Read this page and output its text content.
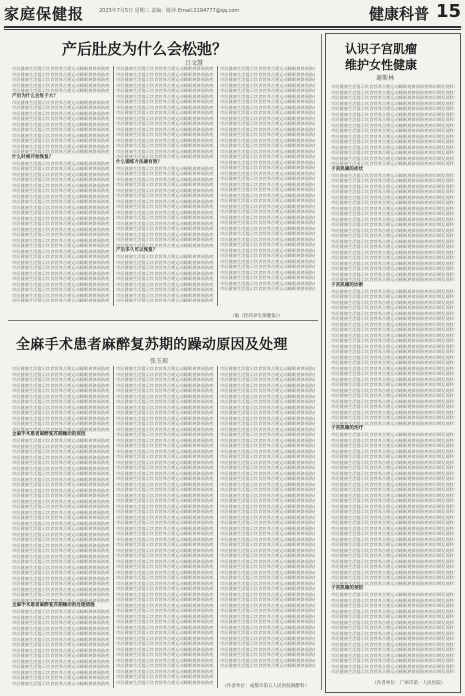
家庭保健报	2023年7月5日 星期三 责编：陈萍 Email:2194777@qq.com	健康科普 15
产后肚皮为什么会松弛？
吕文慧
市民健康生活提示饮食营养合理运动睡眠规律预防疾病早期发现科学治疗保持心理平衡注意身体变化及时就医检查专家建议日常保健方法
市民健康生活提示饮食营养合理运动睡眠规律预防疾病早期发现科学治疗保持心理平衡注意身体变化及时就医检查专家建议日常保健方法
市民健康生活提示饮食营养合理运动睡眠规律预防疾病早期发现科学治疗保持心理平衡注意身体变化及时就医检查专家建议日常保健方法
市民健康生活提示饮食营养合理运动睡眠规律预防疾病早期发现科学治疗保持心理平衡注意身体变化及时就医检查专家建议日常保健方法
市民健康生活提示饮食营养合理运动睡眠规律预防疾病早期发现科学治疗保持心理平衡注意身体变化及时就医检查专家建议日常保健方法
产后为什么会肚子大？
市民健康生活提示饮食营养合理运动睡眠规律预防疾病早期发现科学治疗保持心理平衡注意身体变化及时就医检查专家建议日常保健方法
市民健康生活提示饮食营养合理运动睡眠规律预防疾病早期发现科学治疗保持心理平衡注意身体变化及时就医检查专家建议日常保健方法
市民健康生活提示饮食营养合理运动睡眠规律预防疾病早期发现科学治疗保持心理平衡注意身体变化及时就医检查专家建议日常保健方法
市民健康生活提示饮食营养合理运动睡眠规律预防疾病早期发现科学治疗保持心理平衡注意身体变化及时就医检查专家建议日常保健方法
市民健康生活提示饮食营养合理运动睡眠规律预防疾病早期发现科学治疗保持心理平衡注意身体变化及时就医检查专家建议日常保健方法
市民健康生活提示饮食营养合理运动睡眠规律预防疾病早期发现科学治疗保持心理平衡注意身体变化及时就医检查专家建议日常保健方法
市民健康生活提示饮食营养合理运动睡眠规律预防疾病早期发现科学治疗保持心理平衡注意身体变化及时就医检查专家建议日常保健方法
市民健康生活提示饮食营养合理运动睡眠规律预防疾病早期发现科学治疗保持心理平衡注意身体变化及时就医检查专家建议日常保健方法
市民健康生活提示饮食营养合理运动睡眠规律预防疾病早期发现科学治疗保持心理平衡注意身体变化及时就医检查专家建议日常保健方法
市民健康生活提示饮食营养合理运动睡眠规律预防疾病早期发现科学治疗保持心理平衡注意身体变化及时就医检查专家建议日常保健方法
什么时候开始恢复？
市民健康生活提示饮食营养合理运动睡眠规律预防疾病早期发现科学治疗保持心理平衡注意身体变化及时就医检查专家建议日常保健方法
市民健康生活提示饮食营养合理运动睡眠规律预防疾病早期发现科学治疗保持心理平衡注意身体变化及时就医检查专家建议日常保健方法
市民健康生活提示饮食营养合理运动睡眠规律预防疾病早期发现科学治疗保持心理平衡注意身体变化及时就医检查专家建议日常保健方法
市民健康生活提示饮食营养合理运动睡眠规律预防疾病早期发现科学治疗保持心理平衡注意身体变化及时就医检查专家建议日常保健方法
市民健康生活提示饮食营养合理运动睡眠规律预防疾病早期发现科学治疗保持心理平衡注意身体变化及时就医检查专家建议日常保健方法
市民健康生活提示饮食营养合理运动睡眠规律预防疾病早期发现科学治疗保持心理平衡注意身体变化及时就医检查专家建议日常保健方法
市民健康生活提示饮食营养合理运动睡眠规律预防疾病早期发现科学治疗保持心理平衡注意身体变化及时就医检查专家建议日常保健方法
市民健康生活提示饮食营养合理运动睡眠规律预防疾病早期发现科学治疗保持心理平衡注意身体变化及时就医检查专家建议日常保健方法
市民健康生活提示饮食营养合理运动睡眠规律预防疾病早期发现科学治疗保持心理平衡注意身体变化及时就医检查专家建议日常保健方法
市民健康生活提示饮食营养合理运动睡眠规律预防疾病早期发现科学治疗保持心理平衡注意身体变化及时就医检查专家建议日常保健方法
市民健康生活提示饮食营养合理运动睡眠规律预防疾病早期发现科学治疗保持心理平衡注意身体变化及时就医检查专家建议日常保健方法
市民健康生活提示饮食营养合理运动睡眠规律预防疾病早期发现科学治疗保持心理平衡注意身体变化及时就医检查专家建议日常保健方法
市民健康生活提示饮食营养合理运动睡眠规律预防疾病早期发现科学治疗保持心理平衡注意身体变化及时就医检查专家建议日常保健方法
市民健康生活提示饮食营养合理运动睡眠规律预防疾病早期发现科学治疗保持心理平衡注意身体变化及时就医检查专家建议日常保健方法
市民健康生活提示饮食营养合理运动睡眠规律预防疾病早期发现科学治疗保持心理平衡注意身体变化及时就医检查专家建议日常保健方法
市民健康生活提示饮食营养合理运动睡眠规律预防疾病早期发现科学治疗保持心理平衡注意身体变化及时就医检查专家建议日常保健方法
市民健康生活提示饮食营养合理运动睡眠规律预防疾病早期发现科学治疗保持心理平衡注意身体变化及时就医检查专家建议日常保健方法
市民健康生活提示饮食营养合理运动睡眠规律预防疾病早期发现科学治疗保持心理平衡注意身体变化及时就医检查专家建议日常保健方法
市民健康生活提示饮食营养合理运动睡眠规律预防疾病早期发现科学治疗保持心理平衡注意身体变化及时就医检查专家建议日常保健方法
市民健康生活提示饮食营养合理运动睡眠规律预防疾病早期发现科学治疗保持心理平衡注意身体变化及时就医检查专家建议日常保健方法
市民健康生活提示饮食营养合理运动睡眠规律预防疾病早期发现科学治疗保持心理平衡注意身体变化及时就医检查专家建议日常保健方法
市民健康生活提示饮食营养合理运动睡眠规律预防疾病早期发现科学治疗保持心理平衡注意身体变化及时就医检查专家建议日常保健方法
市民健康生活提示饮食营养合理运动睡眠规律预防疾病早期发现科学治疗保持心理平衡注意身体变化及时就医检查专家建议日常保健方法
市民健康生活提示饮食营养合理运动睡眠规律预防疾病早期发现科学治疗保持心理平衡注意身体变化及时就医检查专家建议日常保健方法
市民健康生活提示饮食营养合理运动睡眠规律预防疾病早期发现科学治疗保持心理平衡注意身体变化及时就医检查专家建议日常保健方法
市民健康生活提示饮食营养合理运动睡眠规律预防疾病早期发现科学治疗保持心理平衡注意身体变化及时就医检查专家建议日常保健方法
市民健康生活提示饮食营养合理运动睡眠规律预防疾病早期发现科学治疗保持心理平衡注意身体变化及时就医检查专家建议日常保健方法
市民健康生活提示饮食营养合理运动睡眠规律预防疾病早期发现科学治疗保持心理平衡注意身体变化及时就医检查专家建议日常保健方法
市民健康生活提示饮食营养合理运动睡眠规律预防疾病早期发现科学治疗保持心理平衡注意身体变化及时就医检查专家建议日常保健方法
市民健康生活提示饮食营养合理运动睡眠规律预防疾病早期发现科学治疗保持心理平衡注意身体变化及时就医检查专家建议日常保健方法
市民健康生活提示饮食营养合理运动睡眠规律预防疾病早期发现科学治疗保持心理平衡注意身体变化及时就医检查专家建议日常保健方法
市民健康生活提示饮食营养合理运动睡眠规律预防疾病早期发现科学治疗保持心理平衡注意身体变化及时就医检查专家建议日常保健方法
市民健康生活提示饮食营养合理运动睡眠规律预防疾病早期发现科学治疗保持心理平衡注意身体变化及时就医检查专家建议日常保健方法
市民健康生活提示饮食营养合理运动睡眠规律预防疾病早期发现科学治疗保持心理平衡注意身体变化及时就医检查专家建议日常保健方法
市民健康生活提示饮食营养合理运动睡眠规律预防疾病早期发现科学治疗保持心理平衡注意身体变化及时就医检查专家建议日常保健方法
市民健康生活提示饮食营养合理运动睡眠规律预防疾病早期发现科学治疗保持心理平衡注意身体变化及时就医检查专家建议日常保健方法
市民健康生活提示饮食营养合理运动睡眠规律预防疾病早期发现科学治疗保持心理平衡注意身体变化及时就医检查专家建议日常保健方法
市民健康生活提示饮食营养合理运动睡眠规律预防疾病早期发现科学治疗保持心理平衡注意身体变化及时就医检查专家建议日常保健方法
市民健康生活提示饮食营养合理运动睡眠规律预防疾病早期发现科学治疗保持心理平衡注意身体变化及时就医检查专家建议日常保健方法
市民健康生活提示饮食营养合理运动睡眠规律预防疾病早期发现科学治疗保持心理平衡注意身体变化及时就医检查专家建议日常保健方法
市民健康生活提示饮食营养合理运动睡眠规律预防疾病早期发现科学治疗保持心理平衡注意身体变化及时就医检查专家建议日常保健方法
市民健康生活提示饮食营养合理运动睡眠规律预防疾病早期发现科学治疗保持心理平衡注意身体变化及时就医检查专家建议日常保健方法
市民健康生活提示饮食营养合理运动睡眠规律预防疾病早期发现科学治疗保持心理平衡注意身体变化及时就医检查专家建议日常保健方法
什么锻炼方法最有效？
市民健康生活提示饮食营养合理运动睡眠规律预防疾病早期发现科学治疗保持心理平衡注意身体变化及时就医检查专家建议日常保健方法
市民健康生活提示饮食营养合理运动睡眠规律预防疾病早期发现科学治疗保持心理平衡注意身体变化及时就医检查专家建议日常保健方法
市民健康生活提示饮食营养合理运动睡眠规律预防疾病早期发现科学治疗保持心理平衡注意身体变化及时就医检查专家建议日常保健方法
市民健康生活提示饮食营养合理运动睡眠规律预防疾病早期发现科学治疗保持心理平衡注意身体变化及时就医检查专家建议日常保健方法
市民健康生活提示饮食营养合理运动睡眠规律预防疾病早期发现科学治疗保持心理平衡注意身体变化及时就医检查专家建议日常保健方法
市民健康生活提示饮食营养合理运动睡眠规律预防疾病早期发现科学治疗保持心理平衡注意身体变化及时就医检查专家建议日常保健方法
市民健康生活提示饮食营养合理运动睡眠规律预防疾病早期发现科学治疗保持心理平衡注意身体变化及时就医检查专家建议日常保健方法
市民健康生活提示饮食营养合理运动睡眠规律预防疾病早期发现科学治疗保持心理平衡注意身体变化及时就医检查专家建议日常保健方法
市民健康生活提示饮食营养合理运动睡眠规律预防疾病早期发现科学治疗保持心理平衡注意身体变化及时就医检查专家建议日常保健方法
市民健康生活提示饮食营养合理运动睡眠规律预防疾病早期发现科学治疗保持心理平衡注意身体变化及时就医检查专家建议日常保健方法
市民健康生活提示饮食营养合理运动睡眠规律预防疾病早期发现科学治疗保持心理平衡注意身体变化及时就医检查专家建议日常保健方法
市民健康生活提示饮食营养合理运动睡眠规律预防疾病早期发现科学治疗保持心理平衡注意身体变化及时就医检查专家建议日常保健方法
市民健康生活提示饮食营养合理运动睡眠规律预防疾病早期发现科学治疗保持心理平衡注意身体变化及时就医检查专家建议日常保健方法
市民健康生活提示饮食营养合理运动睡眠规律预防疾病早期发现科学治疗保持心理平衡注意身体变化及时就医检查专家建议日常保健方法
市民健康生活提示饮食营养合理运动睡眠规律预防疾病早期发现科学治疗保持心理平衡注意身体变化及时就医检查专家建议日常保健方法
产后多久可以恢复？
市民健康生活提示饮食营养合理运动睡眠规律预防疾病早期发现科学治疗保持心理平衡注意身体变化及时就医检查专家建议日常保健方法
市民健康生活提示饮食营养合理运动睡眠规律预防疾病早期发现科学治疗保持心理平衡注意身体变化及时就医检查专家建议日常保健方法
市民健康生活提示饮食营养合理运动睡眠规律预防疾病早期发现科学治疗保持心理平衡注意身体变化及时就医检查专家建议日常保健方法
市民健康生活提示饮食营养合理运动睡眠规律预防疾病早期发现科学治疗保持心理平衡注意身体变化及时就医检查专家建议日常保健方法
市民健康生活提示饮食营养合理运动睡眠规律预防疾病早期发现科学治疗保持心理平衡注意身体变化及时就医检查专家建议日常保健方法
市民健康生活提示饮食营养合理运动睡眠规律预防疾病早期发现科学治疗保持心理平衡注意身体变化及时就医检查专家建议日常保健方法
市民健康生活提示饮食营养合理运动睡眠规律预防疾病早期发现科学治疗保持心理平衡注意身体变化及时就医检查专家建议日常保健方法
市民健康生活提示饮食营养合理运动睡眠规律预防疾病早期发现科学治疗保持心理平衡注意身体变化及时就医检查专家建议日常保健方法
市民健康生活提示饮食营养合理运动睡眠规律预防疾病早期发现科学治疗保持心理平衡注意身体变化及时就医检查专家建议日常保健方法
市民健康生活提示饮食营养合理运动睡眠规律预防疾病早期发现科学治疗保持心理平衡注意身体变化及时就医检查专家建议日常保健方法
市民健康生活提示饮食营养合理运动睡眠规律预防疾病早期发现科学治疗保持心理平衡注意身体变化及时就医检查专家建议日常保健方法
市民健康生活提示饮食营养合理运动睡眠规律预防疾病早期发现科学治疗保持心理平衡注意身体变化及时就医检查专家建议日常保健方法
市民健康生活提示饮食营养合理运动睡眠规律预防疾病早期发现科学治疗保持心理平衡注意身体变化及时就医检查专家建议日常保健方法
市民健康生活提示饮食营养合理运动睡眠规律预防疾病早期发现科学治疗保持心理平衡注意身体变化及时就医检查专家建议日常保健方法
市民健康生活提示饮食营养合理运动睡眠规律预防疾病早期发现科学治疗保持心理平衡注意身体变化及时就医检查专家建议日常保健方法
市民健康生活提示饮食营养合理运动睡眠规律预防疾病早期发现科学治疗保持心理平衡注意身体变化及时就医检查专家建议日常保健方法
市民健康生活提示饮食营养合理运动睡眠规律预防疾病早期发现科学治疗保持心理平衡注意身体变化及时就医检查专家建议日常保健方法
市民健康生活提示饮食营养合理运动睡眠规律预防疾病早期发现科学治疗保持心理平衡注意身体变化及时就医检查专家建议日常保健方法
市民健康生活提示饮食营养合理运动睡眠规律预防疾病早期发现科学治疗保持心理平衡注意身体变化及时就医检查专家建议日常保健方法
市民健康生活提示饮食营养合理运动睡眠规律预防疾病早期发现科学治疗保持心理平衡注意身体变化及时就医检查专家建议日常保健方法
市民健康生活提示饮食营养合理运动睡眠规律预防疾病早期发现科学治疗保持心理平衡注意身体变化及时就医检查专家建议日常保健方法
市民健康生活提示饮食营养合理运动睡眠规律预防疾病早期发现科学治疗保持心理平衡注意身体变化及时就医检查专家建议日常保健方法
市民健康生活提示饮食营养合理运动睡眠规律预防疾病早期发现科学治疗保持心理平衡注意身体变化及时就医检查专家建议日常保健方法
市民健康生活提示饮食营养合理运动睡眠规律预防疾病早期发现科学治疗保持心理平衡注意身体变化及时就医检查专家建议日常保健方法
市民健康生活提示饮食营养合理运动睡眠规律预防疾病早期发现科学治疗保持心理平衡注意身体变化及时就医检查专家建议日常保健方法
市民健康生活提示饮食营养合理运动睡眠规律预防疾病早期发现科学治疗保持心理平衡注意身体变化及时就医检查专家建议日常保健方法
市民健康生活提示饮食营养合理运动睡眠规律预防疾病早期发现科学治疗保持心理平衡注意身体变化及时就医检查专家建议日常保健方法
市民健康生活提示饮食营养合理运动睡眠规律预防疾病早期发现科学治疗保持心理平衡注意身体变化及时就医检查专家建议日常保健方法
市民健康生活提示饮食营养合理运动睡眠规律预防疾病早期发现科学治疗保持心理平衡注意身体变化及时就医检查专家建议日常保健方法
市民健康生活提示饮食营养合理运动睡眠规律预防疾病早期发现科学治疗保持心理平衡注意身体变化及时就医检查专家建议日常保健方法
市民健康生活提示饮食营养合理运动睡眠规律预防疾病早期发现科学治疗保持心理平衡注意身体变化及时就医检查专家建议日常保健方法
市民健康生活提示饮食营养合理运动睡眠规律预防疾病早期发现科学治疗保持心理平衡注意身体变化及时就医检查专家建议日常保健方法
市民健康生活提示饮食营养合理运动睡眠规律预防疾病早期发现科学治疗保持心理平衡注意身体变化及时就医检查专家建议日常保健方法
市民健康生活提示饮食营养合理运动睡眠规律预防疾病早期发现科学治疗保持心理平衡注意身体变化及时就医检查专家建议日常保健方法
市民健康生活提示饮食营养合理运动睡眠规律预防疾病早期发现科学治疗保持心理平衡注意身体变化及时就医检查专家建议日常保健方法
市民健康生活提示饮食营养合理运动睡眠规律预防疾病早期发现科学治疗保持心理平衡注意身体变化及时就医检查专家建议日常保健方法
市民健康生活提示饮食营养合理运动睡眠规律预防疾病早期发现科学治疗保持心理平衡注意身体变化及时就医检查专家建议日常保健方法
市民健康生活提示饮食营养合理运动睡眠规律预防疾病早期发现科学治疗保持心理平衡注意身体变化及时就医检查专家建议日常保健方法
市民健康生活提示饮食营养合理运动睡眠规律预防疾病早期发现科学治疗保持心理平衡注意身体变化及时就医检查专家建议日常保健方法
市民健康生活提示饮食营养合理运动睡眠规律预防疾病早期发现科学治疗保持心理平衡注意身体变化及时就医检查专家建议日常保健方法
市民健康生活提示饮食营养合理运动睡眠规律预防疾病早期发现科学治疗保持心理平衡注意身体变化及时就医检查专家建议日常保健方法
市民健康生活提示饮食营养合理运动睡眠规律预防疾病早期发现科学治疗保持心理平衡注意身体变化及时就医检查专家建议日常保健方法
市民健康生活提示饮食营养合理运动睡眠规律预防疾病早期发现科学治疗保持心理平衡注意身体变化及时就医检查专家建议日常保健方法
市民健康生活提示饮食营养合理运动睡眠规律预防疾病早期发现科学治疗保持心理平衡注意身体变化及时就医检查专家建议日常保健方法
市民健康生活提示饮食营养合理运动睡眠规律预防疾病早期发现科学治疗保持心理平衡注意身体变化及时就医检查专家建议日常保健方法
市民健康生活提示饮食营养合理运动睡眠规律预防疾病早期发现科学治疗保持心理平衡注意身体变化及时就医检查专家建议日常保健方法
市民健康生活提示饮食营养合理运动睡眠规律预防疾病早期发现科学治疗保持心理平衡注意身体变化及时就医检查专家建议日常保健方法
市民健康生活提示饮食营养合理运动睡眠规律预防疾病早期发现科学治疗保持心理平衡注意身体变化及时就医检查专家建议日常保健方法
市民健康生活提示饮食营养合理运动睡眠规律预防疾病早期发现科学治疗保持心理平衡注意身体变化及时就医检查专家建议日常保健方法
市民健康生活提示饮食营养合理运动睡眠规律预防疾病早期发现科学治疗保持心理平衡注意身体变化及时就医检查专家建议日常保健方法
（据《医药养生保健报》）
认识子宫肌瘤
维护女性健康
谢斯林
市民健康生活提示饮食营养合理运动睡眠规律预防疾病早期发现科学治疗保持心理平衡注意身体变化及时就医检查专家建议日常保健方法
市民健康生活提示饮食营养合理运动睡眠规律预防疾病早期发现科学治疗保持心理平衡注意身体变化及时就医检查专家建议日常保健方法
市民健康生活提示饮食营养合理运动睡眠规律预防疾病早期发现科学治疗保持心理平衡注意身体变化及时就医检查专家建议日常保健方法
市民健康生活提示饮食营养合理运动睡眠规律预防疾病早期发现科学治疗保持心理平衡注意身体变化及时就医检查专家建议日常保健方法
市民健康生活提示饮食营养合理运动睡眠规律预防疾病早期发现科学治疗保持心理平衡注意身体变化及时就医检查专家建议日常保健方法
市民健康生活提示饮食营养合理运动睡眠规律预防疾病早期发现科学治疗保持心理平衡注意身体变化及时就医检查专家建议日常保健方法
市民健康生活提示饮食营养合理运动睡眠规律预防疾病早期发现科学治疗保持心理平衡注意身体变化及时就医检查专家建议日常保健方法
市民健康生活提示饮食营养合理运动睡眠规律预防疾病早期发现科学治疗保持心理平衡注意身体变化及时就医检查专家建议日常保健方法
市民健康生活提示饮食营养合理运动睡眠规律预防疾病早期发现科学治疗保持心理平衡注意身体变化及时就医检查专家建议日常保健方法
市民健康生活提示饮食营养合理运动睡眠规律预防疾病早期发现科学治疗保持心理平衡注意身体变化及时就医检查专家建议日常保健方法
市民健康生活提示饮食营养合理运动睡眠规律预防疾病早期发现科学治疗保持心理平衡注意身体变化及时就医检查专家建议日常保健方法
市民健康生活提示饮食营养合理运动睡眠规律预防疾病早期发现科学治疗保持心理平衡注意身体变化及时就医检查专家建议日常保健方法
市民健康生活提示饮食营养合理运动睡眠规律预防疾病早期发现科学治疗保持心理平衡注意身体变化及时就医检查专家建议日常保健方法
市民健康生活提示饮食营养合理运动睡眠规律预防疾病早期发现科学治疗保持心理平衡注意身体变化及时就医检查专家建议日常保健方法
市民健康生活提示饮食营养合理运动睡眠规律预防疾病早期发现科学治疗保持心理平衡注意身体变化及时就医检查专家建议日常保健方法
子宫肌瘤的症状
市民健康生活提示饮食营养合理运动睡眠规律预防疾病早期发现科学治疗保持心理平衡注意身体变化及时就医检查专家建议日常保健方法
市民健康生活提示饮食营养合理运动睡眠规律预防疾病早期发现科学治疗保持心理平衡注意身体变化及时就医检查专家建议日常保健方法
市民健康生活提示饮食营养合理运动睡眠规律预防疾病早期发现科学治疗保持心理平衡注意身体变化及时就医检查专家建议日常保健方法
市民健康生活提示饮食营养合理运动睡眠规律预防疾病早期发现科学治疗保持心理平衡注意身体变化及时就医检查专家建议日常保健方法
市民健康生活提示饮食营养合理运动睡眠规律预防疾病早期发现科学治疗保持心理平衡注意身体变化及时就医检查专家建议日常保健方法
市民健康生活提示饮食营养合理运动睡眠规律预防疾病早期发现科学治疗保持心理平衡注意身体变化及时就医检查专家建议日常保健方法
市民健康生活提示饮食营养合理运动睡眠规律预防疾病早期发现科学治疗保持心理平衡注意身体变化及时就医检查专家建议日常保健方法
市民健康生活提示饮食营养合理运动睡眠规律预防疾病早期发现科学治疗保持心理平衡注意身体变化及时就医检查专家建议日常保健方法
市民健康生活提示饮食营养合理运动睡眠规律预防疾病早期发现科学治疗保持心理平衡注意身体变化及时就医检查专家建议日常保健方法
市民健康生活提示饮食营养合理运动睡眠规律预防疾病早期发现科学治疗保持心理平衡注意身体变化及时就医检查专家建议日常保健方法
市民健康生活提示饮食营养合理运动睡眠规律预防疾病早期发现科学治疗保持心理平衡注意身体变化及时就医检查专家建议日常保健方法
市民健康生活提示饮食营养合理运动睡眠规律预防疾病早期发现科学治疗保持心理平衡注意身体变化及时就医检查专家建议日常保健方法
市民健康生活提示饮食营养合理运动睡眠规律预防疾病早期发现科学治疗保持心理平衡注意身体变化及时就医检查专家建议日常保健方法
市民健康生活提示饮食营养合理运动睡眠规律预防疾病早期发现科学治疗保持心理平衡注意身体变化及时就医检查专家建议日常保健方法
市民健康生活提示饮食营养合理运动睡眠规律预防疾病早期发现科学治疗保持心理平衡注意身体变化及时就医检查专家建议日常保健方法
市民健康生活提示饮食营养合理运动睡眠规律预防疾病早期发现科学治疗保持心理平衡注意身体变化及时就医检查专家建议日常保健方法
市民健康生活提示饮食营养合理运动睡眠规律预防疾病早期发现科学治疗保持心理平衡注意身体变化及时就医检查专家建议日常保健方法
市民健康生活提示饮食营养合理运动睡眠规律预防疾病早期发现科学治疗保持心理平衡注意身体变化及时就医检查专家建议日常保健方法
市民健康生活提示饮食营养合理运动睡眠规律预防疾病早期发现科学治疗保持心理平衡注意身体变化及时就医检查专家建议日常保健方法
市民健康生活提示饮食营养合理运动睡眠规律预防疾病早期发现科学治疗保持心理平衡注意身体变化及时就医检查专家建议日常保健方法
子宫肌瘤的诊断
市民健康生活提示饮食营养合理运动睡眠规律预防疾病早期发现科学治疗保持心理平衡注意身体变化及时就医检查专家建议日常保健方法
市民健康生活提示饮食营养合理运动睡眠规律预防疾病早期发现科学治疗保持心理平衡注意身体变化及时就医检查专家建议日常保健方法
市民健康生活提示饮食营养合理运动睡眠规律预防疾病早期发现科学治疗保持心理平衡注意身体变化及时就医检查专家建议日常保健方法
市民健康生活提示饮食营养合理运动睡眠规律预防疾病早期发现科学治疗保持心理平衡注意身体变化及时就医检查专家建议日常保健方法
市民健康生活提示饮食营养合理运动睡眠规律预防疾病早期发现科学治疗保持心理平衡注意身体变化及时就医检查专家建议日常保健方法
市民健康生活提示饮食营养合理运动睡眠规律预防疾病早期发现科学治疗保持心理平衡注意身体变化及时就医检查专家建议日常保健方法
市民健康生活提示饮食营养合理运动睡眠规律预防疾病早期发现科学治疗保持心理平衡注意身体变化及时就医检查专家建议日常保健方法
市民健康生活提示饮食营养合理运动睡眠规律预防疾病早期发现科学治疗保持心理平衡注意身体变化及时就医检查专家建议日常保健方法
市民健康生活提示饮食营养合理运动睡眠规律预防疾病早期发现科学治疗保持心理平衡注意身体变化及时就医检查专家建议日常保健方法
市民健康生活提示饮食营养合理运动睡眠规律预防疾病早期发现科学治疗保持心理平衡注意身体变化及时就医检查专家建议日常保健方法
市民健康生活提示饮食营养合理运动睡眠规律预防疾病早期发现科学治疗保持心理平衡注意身体变化及时就医检查专家建议日常保健方法
市民健康生活提示饮食营养合理运动睡眠规律预防疾病早期发现科学治疗保持心理平衡注意身体变化及时就医检查专家建议日常保健方法
市民健康生活提示饮食营养合理运动睡眠规律预防疾病早期发现科学治疗保持心理平衡注意身体变化及时就医检查专家建议日常保健方法
市民健康生活提示饮食营养合理运动睡眠规律预防疾病早期发现科学治疗保持心理平衡注意身体变化及时就医检查专家建议日常保健方法
市民健康生活提示饮食营养合理运动睡眠规律预防疾病早期发现科学治疗保持心理平衡注意身体变化及时就医检查专家建议日常保健方法
市民健康生活提示饮食营养合理运动睡眠规律预防疾病早期发现科学治疗保持心理平衡注意身体变化及时就医检查专家建议日常保健方法
市民健康生活提示饮食营养合理运动睡眠规律预防疾病早期发现科学治疗保持心理平衡注意身体变化及时就医检查专家建议日常保健方法
市民健康生活提示饮食营养合理运动睡眠规律预防疾病早期发现科学治疗保持心理平衡注意身体变化及时就医检查专家建议日常保健方法
市民健康生活提示饮食营养合理运动睡眠规律预防疾病早期发现科学治疗保持心理平衡注意身体变化及时就医检查专家建议日常保健方法
市民健康生活提示饮食营养合理运动睡眠规律预防疾病早期发现科学治疗保持心理平衡注意身体变化及时就医检查专家建议日常保健方法
市民健康生活提示饮食营养合理运动睡眠规律预防疾病早期发现科学治疗保持心理平衡注意身体变化及时就医检查专家建议日常保健方法
市民健康生活提示饮食营养合理运动睡眠规律预防疾病早期发现科学治疗保持心理平衡注意身体变化及时就医检查专家建议日常保健方法
市民健康生活提示饮食营养合理运动睡眠规律预防疾病早期发现科学治疗保持心理平衡注意身体变化及时就医检查专家建议日常保健方法
市民健康生活提示饮食营养合理运动睡眠规律预防疾病早期发现科学治疗保持心理平衡注意身体变化及时就医检查专家建议日常保健方法
市民健康生活提示饮食营养合理运动睡眠规律预防疾病早期发现科学治疗保持心理平衡注意身体变化及时就医检查专家建议日常保健方法
子宫肌瘤的治疗
市民健康生活提示饮食营养合理运动睡眠规律预防疾病早期发现科学治疗保持心理平衡注意身体变化及时就医检查专家建议日常保健方法
市民健康生活提示饮食营养合理运动睡眠规律预防疾病早期发现科学治疗保持心理平衡注意身体变化及时就医检查专家建议日常保健方法
市民健康生活提示饮食营养合理运动睡眠规律预防疾病早期发现科学治疗保持心理平衡注意身体变化及时就医检查专家建议日常保健方法
市民健康生活提示饮食营养合理运动睡眠规律预防疾病早期发现科学治疗保持心理平衡注意身体变化及时就医检查专家建议日常保健方法
市民健康生活提示饮食营养合理运动睡眠规律预防疾病早期发现科学治疗保持心理平衡注意身体变化及时就医检查专家建议日常保健方法
市民健康生活提示饮食营养合理运动睡眠规律预防疾病早期发现科学治疗保持心理平衡注意身体变化及时就医检查专家建议日常保健方法
市民健康生活提示饮食营养合理运动睡眠规律预防疾病早期发现科学治疗保持心理平衡注意身体变化及时就医检查专家建议日常保健方法
市民健康生活提示饮食营养合理运动睡眠规律预防疾病早期发现科学治疗保持心理平衡注意身体变化及时就医检查专家建议日常保健方法
市民健康生活提示饮食营养合理运动睡眠规律预防疾病早期发现科学治疗保持心理平衡注意身体变化及时就医检查专家建议日常保健方法
市民健康生活提示饮食营养合理运动睡眠规律预防疾病早期发现科学治疗保持心理平衡注意身体变化及时就医检查专家建议日常保健方法
市民健康生活提示饮食营养合理运动睡眠规律预防疾病早期发现科学治疗保持心理平衡注意身体变化及时就医检查专家建议日常保健方法
市民健康生活提示饮食营养合理运动睡眠规律预防疾病早期发现科学治疗保持心理平衡注意身体变化及时就医检查专家建议日常保健方法
市民健康生活提示饮食营养合理运动睡眠规律预防疾病早期发现科学治疗保持心理平衡注意身体变化及时就医检查专家建议日常保健方法
市民健康生活提示饮食营养合理运动睡眠规律预防疾病早期发现科学治疗保持心理平衡注意身体变化及时就医检查专家建议日常保健方法
市民健康生活提示饮食营养合理运动睡眠规律预防疾病早期发现科学治疗保持心理平衡注意身体变化及时就医检查专家建议日常保健方法
市民健康生活提示饮食营养合理运动睡眠规律预防疾病早期发现科学治疗保持心理平衡注意身体变化及时就医检查专家建议日常保健方法
市民健康生活提示饮食营养合理运动睡眠规律预防疾病早期发现科学治疗保持心理平衡注意身体变化及时就医检查专家建议日常保健方法
市民健康生活提示饮食营养合理运动睡眠规律预防疾病早期发现科学治疗保持心理平衡注意身体变化及时就医检查专家建议日常保健方法
市民健康生活提示饮食营养合理运动睡眠规律预防疾病早期发现科学治疗保持心理平衡注意身体变化及时就医检查专家建议日常保健方法
市民健康生活提示饮食营养合理运动睡眠规律预防疾病早期发现科学治疗保持心理平衡注意身体变化及时就医检查专家建议日常保健方法
市民健康生活提示饮食营养合理运动睡眠规律预防疾病早期发现科学治疗保持心理平衡注意身体变化及时就医检查专家建议日常保健方法
市民健康生活提示饮食营养合理运动睡眠规律预防疾病早期发现科学治疗保持心理平衡注意身体变化及时就医检查专家建议日常保健方法
市民健康生活提示饮食营养合理运动睡眠规律预防疾病早期发现科学治疗保持心理平衡注意身体变化及时就医检查专家建议日常保健方法
市民健康生活提示饮食营养合理运动睡眠规律预防疾病早期发现科学治疗保持心理平衡注意身体变化及时就医检查专家建议日常保健方法
市民健康生活提示饮食营养合理运动睡眠规律预防疾病早期发现科学治疗保持心理平衡注意身体变化及时就医检查专家建议日常保健方法
市民健康生活提示饮食营养合理运动睡眠规律预防疾病早期发现科学治疗保持心理平衡注意身体变化及时就医检查专家建议日常保健方法
市民健康生活提示饮食营养合理运动睡眠规律预防疾病早期发现科学治疗保持心理平衡注意身体变化及时就医检查专家建议日常保健方法
市民健康生活提示饮食营养合理运动睡眠规律预防疾病早期发现科学治疗保持心理平衡注意身体变化及时就医检查专家建议日常保健方法
子宫肌瘤的预防
市民健康生活提示饮食营养合理运动睡眠规律预防疾病早期发现科学治疗保持心理平衡注意身体变化及时就医检查专家建议日常保健方法
市民健康生活提示饮食营养合理运动睡眠规律预防疾病早期发现科学治疗保持心理平衡注意身体变化及时就医检查专家建议日常保健方法
市民健康生活提示饮食营养合理运动睡眠规律预防疾病早期发现科学治疗保持心理平衡注意身体变化及时就医检查专家建议日常保健方法
市民健康生活提示饮食营养合理运动睡眠规律预防疾病早期发现科学治疗保持心理平衡注意身体变化及时就医检查专家建议日常保健方法
市民健康生活提示饮食营养合理运动睡眠规律预防疾病早期发现科学治疗保持心理平衡注意身体变化及时就医检查专家建议日常保健方法
市民健康生活提示饮食营养合理运动睡眠规律预防疾病早期发现科学治疗保持心理平衡注意身体变化及时就医检查专家建议日常保健方法
市民健康生活提示饮食营养合理运动睡眠规律预防疾病早期发现科学治疗保持心理平衡注意身体变化及时就医检查专家建议日常保健方法
市民健康生活提示饮食营养合理运动睡眠规律预防疾病早期发现科学治疗保持心理平衡注意身体变化及时就医检查专家建议日常保健方法
市民健康生活提示饮食营养合理运动睡眠规律预防疾病早期发现科学治疗保持心理平衡注意身体变化及时就医检查专家建议日常保健方法
市民健康生活提示饮食营养合理运动睡眠规律预防疾病早期发现科学治疗保持心理平衡注意身体变化及时就医检查专家建议日常保健方法
市民健康生活提示饮食营养合理运动睡眠规律预防疾病早期发现科学治疗保持心理平衡注意身体变化及时就医检查专家建议日常保健方法
市民健康生活提示饮食营养合理运动睡眠规律预防疾病早期发现科学治疗保持心理平衡注意身体变化及时就医检查专家建议日常保健方法
市民健康生活提示饮食营养合理运动睡眠规律预防疾病早期发现科学治疗保持心理平衡注意身体变化及时就医检查专家建议日常保健方法
市民健康生活提示饮食营养合理运动睡眠规律预防疾病早期发现科学治疗保持心理平衡注意身体变化及时就医检查专家建议日常保健方法
市民健康生活提示饮食营养合理运动睡眠规律预防疾病早期发现科学治疗保持心理平衡注意身体变化及时就医检查专家建议日常保健方法
（作者单位：广州市第一人民医院）
全麻手术患者麻醉复苏期的躁动原因及处理
张玉琼
市民健康生活提示饮食营养合理运动睡眠规律预防疾病早期发现科学治疗保持心理平衡注意身体变化及时就医检查专家建议日常保健方法
市民健康生活提示饮食营养合理运动睡眠规律预防疾病早期发现科学治疗保持心理平衡注意身体变化及时就医检查专家建议日常保健方法
市民健康生活提示饮食营养合理运动睡眠规律预防疾病早期发现科学治疗保持心理平衡注意身体变化及时就医检查专家建议日常保健方法
市民健康生活提示饮食营养合理运动睡眠规律预防疾病早期发现科学治疗保持心理平衡注意身体变化及时就医检查专家建议日常保健方法
市民健康生活提示饮食营养合理运动睡眠规律预防疾病早期发现科学治疗保持心理平衡注意身体变化及时就医检查专家建议日常保健方法
市民健康生活提示饮食营养合理运动睡眠规律预防疾病早期发现科学治疗保持心理平衡注意身体变化及时就医检查专家建议日常保健方法
市民健康生活提示饮食营养合理运动睡眠规律预防疾病早期发现科学治疗保持心理平衡注意身体变化及时就医检查专家建议日常保健方法
市民健康生活提示饮食营养合理运动睡眠规律预防疾病早期发现科学治疗保持心理平衡注意身体变化及时就医检查专家建议日常保健方法
市民健康生活提示饮食营养合理运动睡眠规律预防疾病早期发现科学治疗保持心理平衡注意身体变化及时就医检查专家建议日常保健方法
市民健康生活提示饮食营养合理运动睡眠规律预防疾病早期发现科学治疗保持心理平衡注意身体变化及时就医检查专家建议日常保健方法
市民健康生活提示饮食营养合理运动睡眠规律预防疾病早期发现科学治疗保持心理平衡注意身体变化及时就医检查专家建议日常保健方法
市民健康生活提示饮食营养合理运动睡眠规律预防疾病早期发现科学治疗保持心理平衡注意身体变化及时就医检查专家建议日常保健方法
全麻手术患者麻醉复苏期躁动的原因
市民健康生活提示饮食营养合理运动睡眠规律预防疾病早期发现科学治疗保持心理平衡注意身体变化及时就医检查专家建议日常保健方法
市民健康生活提示饮食营养合理运动睡眠规律预防疾病早期发现科学治疗保持心理平衡注意身体变化及时就医检查专家建议日常保健方法
市民健康生活提示饮食营养合理运动睡眠规律预防疾病早期发现科学治疗保持心理平衡注意身体变化及时就医检查专家建议日常保健方法
市民健康生活提示饮食营养合理运动睡眠规律预防疾病早期发现科学治疗保持心理平衡注意身体变化及时就医检查专家建议日常保健方法
市民健康生活提示饮食营养合理运动睡眠规律预防疾病早期发现科学治疗保持心理平衡注意身体变化及时就医检查专家建议日常保健方法
市民健康生活提示饮食营养合理运动睡眠规律预防疾病早期发现科学治疗保持心理平衡注意身体变化及时就医检查专家建议日常保健方法
市民健康生活提示饮食营养合理运动睡眠规律预防疾病早期发现科学治疗保持心理平衡注意身体变化及时就医检查专家建议日常保健方法
市民健康生活提示饮食营养合理运动睡眠规律预防疾病早期发现科学治疗保持心理平衡注意身体变化及时就医检查专家建议日常保健方法
市民健康生活提示饮食营养合理运动睡眠规律预防疾病早期发现科学治疗保持心理平衡注意身体变化及时就医检查专家建议日常保健方法
市民健康生活提示饮食营养合理运动睡眠规律预防疾病早期发现科学治疗保持心理平衡注意身体变化及时就医检查专家建议日常保健方法
市民健康生活提示饮食营养合理运动睡眠规律预防疾病早期发现科学治疗保持心理平衡注意身体变化及时就医检查专家建议日常保健方法
市民健康生活提示饮食营养合理运动睡眠规律预防疾病早期发现科学治疗保持心理平衡注意身体变化及时就医检查专家建议日常保健方法
市民健康生活提示饮食营养合理运动睡眠规律预防疾病早期发现科学治疗保持心理平衡注意身体变化及时就医检查专家建议日常保健方法
市民健康生活提示饮食营养合理运动睡眠规律预防疾病早期发现科学治疗保持心理平衡注意身体变化及时就医检查专家建议日常保健方法
市民健康生活提示饮食营养合理运动睡眠规律预防疾病早期发现科学治疗保持心理平衡注意身体变化及时就医检查专家建议日常保健方法
市民健康生活提示饮食营养合理运动睡眠规律预防疾病早期发现科学治疗保持心理平衡注意身体变化及时就医检查专家建议日常保健方法
市民健康生活提示饮食营养合理运动睡眠规律预防疾病早期发现科学治疗保持心理平衡注意身体变化及时就医检查专家建议日常保健方法
市民健康生活提示饮食营养合理运动睡眠规律预防疾病早期发现科学治疗保持心理平衡注意身体变化及时就医检查专家建议日常保健方法
市民健康生活提示饮食营养合理运动睡眠规律预防疾病早期发现科学治疗保持心理平衡注意身体变化及时就医检查专家建议日常保健方法
市民健康生活提示饮食营养合理运动睡眠规律预防疾病早期发现科学治疗保持心理平衡注意身体变化及时就医检查专家建议日常保健方法
市民健康生活提示饮食营养合理运动睡眠规律预防疾病早期发现科学治疗保持心理平衡注意身体变化及时就医检查专家建议日常保健方法
市民健康生活提示饮食营养合理运动睡眠规律预防疾病早期发现科学治疗保持心理平衡注意身体变化及时就医检查专家建议日常保健方法
市民健康生活提示饮食营养合理运动睡眠规律预防疾病早期发现科学治疗保持心理平衡注意身体变化及时就医检查专家建议日常保健方法
市民健康生活提示饮食营养合理运动睡眠规律预防疾病早期发现科学治疗保持心理平衡注意身体变化及时就医检查专家建议日常保健方法
市民健康生活提示饮食营养合理运动睡眠规律预防疾病早期发现科学治疗保持心理平衡注意身体变化及时就医检查专家建议日常保健方法
市民健康生活提示饮食营养合理运动睡眠规律预防疾病早期发现科学治疗保持心理平衡注意身体变化及时就医检查专家建议日常保健方法
市民健康生活提示饮食营养合理运动睡眠规律预防疾病早期发现科学治疗保持心理平衡注意身体变化及时就医检查专家建议日常保健方法
市民健康生活提示饮食营养合理运动睡眠规律预防疾病早期发现科学治疗保持心理平衡注意身体变化及时就医检查专家建议日常保健方法
市民健康生活提示饮食营养合理运动睡眠规律预防疾病早期发现科学治疗保持心理平衡注意身体变化及时就医检查专家建议日常保健方法
市民健康生活提示饮食营养合理运动睡眠规律预防疾病早期发现科学治疗保持心理平衡注意身体变化及时就医检查专家建议日常保健方法
全麻手术患者麻醉复苏期躁动的处理措施
市民健康生活提示饮食营养合理运动睡眠规律预防疾病早期发现科学治疗保持心理平衡注意身体变化及时就医检查专家建议日常保健方法
市民健康生活提示饮食营养合理运动睡眠规律预防疾病早期发现科学治疗保持心理平衡注意身体变化及时就医检查专家建议日常保健方法
市民健康生活提示饮食营养合理运动睡眠规律预防疾病早期发现科学治疗保持心理平衡注意身体变化及时就医检查专家建议日常保健方法
市民健康生活提示饮食营养合理运动睡眠规律预防疾病早期发现科学治疗保持心理平衡注意身体变化及时就医检查专家建议日常保健方法
市民健康生活提示饮食营养合理运动睡眠规律预防疾病早期发现科学治疗保持心理平衡注意身体变化及时就医检查专家建议日常保健方法
市民健康生活提示饮食营养合理运动睡眠规律预防疾病早期发现科学治疗保持心理平衡注意身体变化及时就医检查专家建议日常保健方法
市民健康生活提示饮食营养合理运动睡眠规律预防疾病早期发现科学治疗保持心理平衡注意身体变化及时就医检查专家建议日常保健方法
市民健康生活提示饮食营养合理运动睡眠规律预防疾病早期发现科学治疗保持心理平衡注意身体变化及时就医检查专家建议日常保健方法
市民健康生活提示饮食营养合理运动睡眠规律预防疾病早期发现科学治疗保持心理平衡注意身体变化及时就医检查专家建议日常保健方法
市民健康生活提示饮食营养合理运动睡眠规律预防疾病早期发现科学治疗保持心理平衡注意身体变化及时就医检查专家建议日常保健方法
市民健康生活提示饮食营养合理运动睡眠规律预防疾病早期发现科学治疗保持心理平衡注意身体变化及时就医检查专家建议日常保健方法
市民健康生活提示饮食营养合理运动睡眠规律预防疾病早期发现科学治疗保持心理平衡注意身体变化及时就医检查专家建议日常保健方法
市民健康生活提示饮食营养合理运动睡眠规律预防疾病早期发现科学治疗保持心理平衡注意身体变化及时就医检查专家建议日常保健方法
市民健康生活提示饮食营养合理运动睡眠规律预防疾病早期发现科学治疗保持心理平衡注意身体变化及时就医检查专家建议日常保健方法
市民健康生活提示饮食营养合理运动睡眠规律预防疾病早期发现科学治疗保持心理平衡注意身体变化及时就医检查专家建议日常保健方法
市民健康生活提示饮食营养合理运动睡眠规律预防疾病早期发现科学治疗保持心理平衡注意身体变化及时就医检查专家建议日常保健方法
市民健康生活提示饮食营养合理运动睡眠规律预防疾病早期发现科学治疗保持心理平衡注意身体变化及时就医检查专家建议日常保健方法
市民健康生活提示饮食营养合理运动睡眠规律预防疾病早期发现科学治疗保持心理平衡注意身体变化及时就医检查专家建议日常保健方法
市民健康生活提示饮食营养合理运动睡眠规律预防疾病早期发现科学治疗保持心理平衡注意身体变化及时就医检查专家建议日常保健方法
市民健康生活提示饮食营养合理运动睡眠规律预防疾病早期发现科学治疗保持心理平衡注意身体变化及时就医检查专家建议日常保健方法
市民健康生活提示饮食营养合理运动睡眠规律预防疾病早期发现科学治疗保持心理平衡注意身体变化及时就医检查专家建议日常保健方法
市民健康生活提示饮食营养合理运动睡眠规律预防疾病早期发现科学治疗保持心理平衡注意身体变化及时就医检查专家建议日常保健方法
市民健康生活提示饮食营养合理运动睡眠规律预防疾病早期发现科学治疗保持心理平衡注意身体变化及时就医检查专家建议日常保健方法
市民健康生活提示饮食营养合理运动睡眠规律预防疾病早期发现科学治疗保持心理平衡注意身体变化及时就医检查专家建议日常保健方法
市民健康生活提示饮食营养合理运动睡眠规律预防疾病早期发现科学治疗保持心理平衡注意身体变化及时就医检查专家建议日常保健方法
市民健康生活提示饮食营养合理运动睡眠规律预防疾病早期发现科学治疗保持心理平衡注意身体变化及时就医检查专家建议日常保健方法
市民健康生活提示饮食营养合理运动睡眠规律预防疾病早期发现科学治疗保持心理平衡注意身体变化及时就医检查专家建议日常保健方法
市民健康生活提示饮食营养合理运动睡眠规律预防疾病早期发现科学治疗保持心理平衡注意身体变化及时就医检查专家建议日常保健方法
市民健康生活提示饮食营养合理运动睡眠规律预防疾病早期发现科学治疗保持心理平衡注意身体变化及时就医检查专家建议日常保健方法
市民健康生活提示饮食营养合理运动睡眠规律预防疾病早期发现科学治疗保持心理平衡注意身体变化及时就医检查专家建议日常保健方法
市民健康生活提示饮食营养合理运动睡眠规律预防疾病早期发现科学治疗保持心理平衡注意身体变化及时就医检查专家建议日常保健方法
市民健康生活提示饮食营养合理运动睡眠规律预防疾病早期发现科学治疗保持心理平衡注意身体变化及时就医检查专家建议日常保健方法
市民健康生活提示饮食营养合理运动睡眠规律预防疾病早期发现科学治疗保持心理平衡注意身体变化及时就医检查专家建议日常保健方法
市民健康生活提示饮食营养合理运动睡眠规律预防疾病早期发现科学治疗保持心理平衡注意身体变化及时就医检查专家建议日常保健方法
市民健康生活提示饮食营养合理运动睡眠规律预防疾病早期发现科学治疗保持心理平衡注意身体变化及时就医检查专家建议日常保健方法
市民健康生活提示饮食营养合理运动睡眠规律预防疾病早期发现科学治疗保持心理平衡注意身体变化及时就医检查专家建议日常保健方法
市民健康生活提示饮食营养合理运动睡眠规律预防疾病早期发现科学治疗保持心理平衡注意身体变化及时就医检查专家建议日常保健方法
市民健康生活提示饮食营养合理运动睡眠规律预防疾病早期发现科学治疗保持心理平衡注意身体变化及时就医检查专家建议日常保健方法
市民健康生活提示饮食营养合理运动睡眠规律预防疾病早期发现科学治疗保持心理平衡注意身体变化及时就医检查专家建议日常保健方法
市民健康生活提示饮食营养合理运动睡眠规律预防疾病早期发现科学治疗保持心理平衡注意身体变化及时就医检查专家建议日常保健方法
市民健康生活提示饮食营养合理运动睡眠规律预防疾病早期发现科学治疗保持心理平衡注意身体变化及时就医检查专家建议日常保健方法
市民健康生活提示饮食营养合理运动睡眠规律预防疾病早期发现科学治疗保持心理平衡注意身体变化及时就医检查专家建议日常保健方法
市民健康生活提示饮食营养合理运动睡眠规律预防疾病早期发现科学治疗保持心理平衡注意身体变化及时就医检查专家建议日常保健方法
市民健康生活提示饮食营养合理运动睡眠规律预防疾病早期发现科学治疗保持心理平衡注意身体变化及时就医检查专家建议日常保健方法
市民健康生活提示饮食营养合理运动睡眠规律预防疾病早期发现科学治疗保持心理平衡注意身体变化及时就医检查专家建议日常保健方法
市民健康生活提示饮食营养合理运动睡眠规律预防疾病早期发现科学治疗保持心理平衡注意身体变化及时就医检查专家建议日常保健方法
市民健康生活提示饮食营养合理运动睡眠规律预防疾病早期发现科学治疗保持心理平衡注意身体变化及时就医检查专家建议日常保健方法
市民健康生活提示饮食营养合理运动睡眠规律预防疾病早期发现科学治疗保持心理平衡注意身体变化及时就医检查专家建议日常保健方法
市民健康生活提示饮食营养合理运动睡眠规律预防疾病早期发现科学治疗保持心理平衡注意身体变化及时就医检查专家建议日常保健方法
市民健康生活提示饮食营养合理运动睡眠规律预防疾病早期发现科学治疗保持心理平衡注意身体变化及时就医检查专家建议日常保健方法
市民健康生活提示饮食营养合理运动睡眠规律预防疾病早期发现科学治疗保持心理平衡注意身体变化及时就医检查专家建议日常保健方法
市民健康生活提示饮食营养合理运动睡眠规律预防疾病早期发现科学治疗保持心理平衡注意身体变化及时就医检查专家建议日常保健方法
市民健康生活提示饮食营养合理运动睡眠规律预防疾病早期发现科学治疗保持心理平衡注意身体变化及时就医检查专家建议日常保健方法
市民健康生活提示饮食营养合理运动睡眠规律预防疾病早期发现科学治疗保持心理平衡注意身体变化及时就医检查专家建议日常保健方法
市民健康生活提示饮食营养合理运动睡眠规律预防疾病早期发现科学治疗保持心理平衡注意身体变化及时就医检查专家建议日常保健方法
市民健康生活提示饮食营养合理运动睡眠规律预防疾病早期发现科学治疗保持心理平衡注意身体变化及时就医检查专家建议日常保健方法
市民健康生活提示饮食营养合理运动睡眠规律预防疾病早期发现科学治疗保持心理平衡注意身体变化及时就医检查专家建议日常保健方法
市民健康生活提示饮食营养合理运动睡眠规律预防疾病早期发现科学治疗保持心理平衡注意身体变化及时就医检查专家建议日常保健方法
市民健康生活提示饮食营养合理运动睡眠规律预防疾病早期发现科学治疗保持心理平衡注意身体变化及时就医检查专家建议日常保健方法
市民健康生活提示饮食营养合理运动睡眠规律预防疾病早期发现科学治疗保持心理平衡注意身体变化及时就医检查专家建议日常保健方法
市民健康生活提示饮食营养合理运动睡眠规律预防疾病早期发现科学治疗保持心理平衡注意身体变化及时就医检查专家建议日常保健方法
市民健康生活提示饮食营养合理运动睡眠规律预防疾病早期发现科学治疗保持心理平衡注意身体变化及时就医检查专家建议日常保健方法
市民健康生活提示饮食营养合理运动睡眠规律预防疾病早期发现科学治疗保持心理平衡注意身体变化及时就医检查专家建议日常保健方法
市民健康生活提示饮食营养合理运动睡眠规律预防疾病早期发现科学治疗保持心理平衡注意身体变化及时就医检查专家建议日常保健方法
市民健康生活提示饮食营养合理运动睡眠规律预防疾病早期发现科学治疗保持心理平衡注意身体变化及时就医检查专家建议日常保健方法
市民健康生活提示饮食营养合理运动睡眠规律预防疾病早期发现科学治疗保持心理平衡注意身体变化及时就医检查专家建议日常保健方法
市民健康生活提示饮食营养合理运动睡眠规律预防疾病早期发现科学治疗保持心理平衡注意身体变化及时就医检查专家建议日常保健方法
市民健康生活提示饮食营养合理运动睡眠规律预防疾病早期发现科学治疗保持心理平衡注意身体变化及时就医检查专家建议日常保健方法
市民健康生活提示饮食营养合理运动睡眠规律预防疾病早期发现科学治疗保持心理平衡注意身体变化及时就医检查专家建议日常保健方法
市民健康生活提示饮食营养合理运动睡眠规律预防疾病早期发现科学治疗保持心理平衡注意身体变化及时就医检查专家建议日常保健方法
市民健康生活提示饮食营养合理运动睡眠规律预防疾病早期发现科学治疗保持心理平衡注意身体变化及时就医检查专家建议日常保健方法
市民健康生活提示饮食营养合理运动睡眠规律预防疾病早期发现科学治疗保持心理平衡注意身体变化及时就医检查专家建议日常保健方法
市民健康生活提示饮食营养合理运动睡眠规律预防疾病早期发现科学治疗保持心理平衡注意身体变化及时就医检查专家建议日常保健方法
市民健康生活提示饮食营养合理运动睡眠规律预防疾病早期发现科学治疗保持心理平衡注意身体变化及时就医检查专家建议日常保健方法
市民健康生活提示饮食营养合理运动睡眠规律预防疾病早期发现科学治疗保持心理平衡注意身体变化及时就医检查专家建议日常保健方法
市民健康生活提示饮食营养合理运动睡眠规律预防疾病早期发现科学治疗保持心理平衡注意身体变化及时就医检查专家建议日常保健方法
市民健康生活提示饮食营养合理运动睡眠规律预防疾病早期发现科学治疗保持心理平衡注意身体变化及时就医检查专家建议日常保健方法
市民健康生活提示饮食营养合理运动睡眠规律预防疾病早期发现科学治疗保持心理平衡注意身体变化及时就医检查专家建议日常保健方法
市民健康生活提示饮食营养合理运动睡眠规律预防疾病早期发现科学治疗保持心理平衡注意身体变化及时就医检查专家建议日常保健方法
市民健康生活提示饮食营养合理运动睡眠规律预防疾病早期发现科学治疗保持心理平衡注意身体变化及时就医检查专家建议日常保健方法
市民健康生活提示饮食营养合理运动睡眠规律预防疾病早期发现科学治疗保持心理平衡注意身体变化及时就医检查专家建议日常保健方法
市民健康生活提示饮食营养合理运动睡眠规律预防疾病早期发现科学治疗保持心理平衡注意身体变化及时就医检查专家建议日常保健方法
市民健康生活提示饮食营养合理运动睡眠规律预防疾病早期发现科学治疗保持心理平衡注意身体变化及时就医检查专家建议日常保健方法
市民健康生活提示饮食营养合理运动睡眠规律预防疾病早期发现科学治疗保持心理平衡注意身体变化及时就医检查专家建议日常保健方法
市民健康生活提示饮食营养合理运动睡眠规律预防疾病早期发现科学治疗保持心理平衡注意身体变化及时就医检查专家建议日常保健方法
市民健康生活提示饮食营养合理运动睡眠规律预防疾病早期发现科学治疗保持心理平衡注意身体变化及时就医检查专家建议日常保健方法
市民健康生活提示饮食营养合理运动睡眠规律预防疾病早期发现科学治疗保持心理平衡注意身体变化及时就医检查专家建议日常保健方法
市民健康生活提示饮食营养合理运动睡眠规律预防疾病早期发现科学治疗保持心理平衡注意身体变化及时就医检查专家建议日常保健方法
市民健康生活提示饮食营养合理运动睡眠规律预防疾病早期发现科学治疗保持心理平衡注意身体变化及时就医检查专家建议日常保健方法
市民健康生活提示饮食营养合理运动睡眠规律预防疾病早期发现科学治疗保持心理平衡注意身体变化及时就医检查专家建议日常保健方法
市民健康生活提示饮食营养合理运动睡眠规律预防疾病早期发现科学治疗保持心理平衡注意身体变化及时就医检查专家建议日常保健方法
市民健康生活提示饮食营养合理运动睡眠规律预防疾病早期发现科学治疗保持心理平衡注意身体变化及时就医检查专家建议日常保健方法
市民健康生活提示饮食营养合理运动睡眠规律预防疾病早期发现科学治疗保持心理平衡注意身体变化及时就医检查专家建议日常保健方法
市民健康生活提示饮食营养合理运动睡眠规律预防疾病早期发现科学治疗保持心理平衡注意身体变化及时就医检查专家建议日常保健方法
市民健康生活提示饮食营养合理运动睡眠规律预防疾病早期发现科学治疗保持心理平衡注意身体变化及时就医检查专家建议日常保健方法
市民健康生活提示饮食营养合理运动睡眠规律预防疾病早期发现科学治疗保持心理平衡注意身体变化及时就医检查专家建议日常保健方法
市民健康生活提示饮食营养合理运动睡眠规律预防疾病早期发现科学治疗保持心理平衡注意身体变化及时就医检查专家建议日常保健方法
市民健康生活提示饮食营养合理运动睡眠规律预防疾病早期发现科学治疗保持心理平衡注意身体变化及时就医检查专家建议日常保健方法
市民健康生活提示饮食营养合理运动睡眠规律预防疾病早期发现科学治疗保持心理平衡注意身体变化及时就医检查专家建议日常保健方法
市民健康生活提示饮食营养合理运动睡眠规律预防疾病早期发现科学治疗保持心理平衡注意身体变化及时就医检查专家建议日常保健方法
市民健康生活提示饮食营养合理运动睡眠规律预防疾病早期发现科学治疗保持心理平衡注意身体变化及时就医检查专家建议日常保健方法
市民健康生活提示饮食营养合理运动睡眠规律预防疾病早期发现科学治疗保持心理平衡注意身体变化及时就医检查专家建议日常保健方法
市民健康生活提示饮食营养合理运动睡眠规律预防疾病早期发现科学治疗保持心理平衡注意身体变化及时就医检查专家建议日常保健方法
市民健康生活提示饮食营养合理运动睡眠规律预防疾病早期发现科学治疗保持心理平衡注意身体变化及时就医检查专家建议日常保健方法
市民健康生活提示饮食营养合理运动睡眠规律预防疾病早期发现科学治疗保持心理平衡注意身体变化及时就医检查专家建议日常保健方法
市民健康生活提示饮食营养合理运动睡眠规律预防疾病早期发现科学治疗保持心理平衡注意身体变化及时就医检查专家建议日常保健方法
市民健康生活提示饮食营养合理运动睡眠规律预防疾病早期发现科学治疗保持心理平衡注意身体变化及时就医检查专家建议日常保健方法
市民健康生活提示饮食营养合理运动睡眠规律预防疾病早期发现科学治疗保持心理平衡注意身体变化及时就医检查专家建议日常保健方法
市民健康生活提示饮食营养合理运动睡眠规律预防疾病早期发现科学治疗保持心理平衡注意身体变化及时就医检查专家建议日常保健方法
市民健康生活提示饮食营养合理运动睡眠规律预防疾病早期发现科学治疗保持心理平衡注意身体变化及时就医检查专家建议日常保健方法
市民健康生活提示饮食营养合理运动睡眠规律预防疾病早期发现科学治疗保持心理平衡注意身体变化及时就医检查专家建议日常保健方法
市民健康生活提示饮食营养合理运动睡眠规律预防疾病早期发现科学治疗保持心理平衡注意身体变化及时就医检查专家建议日常保健方法
市民健康生活提示饮食营养合理运动睡眠规律预防疾病早期发现科学治疗保持心理平衡注意身体变化及时就医检查专家建议日常保健方法
市民健康生活提示饮食营养合理运动睡眠规律预防疾病早期发现科学治疗保持心理平衡注意身体变化及时就医检查专家建议日常保健方法
市民健康生活提示饮食营养合理运动睡眠规律预防疾病早期发现科学治疗保持心理平衡注意身体变化及时就医检查专家建议日常保健方法
市民健康生活提示饮食营养合理运动睡眠规律预防疾病早期发现科学治疗保持心理平衡注意身体变化及时就医检查专家建议日常保健方法
市民健康生活提示饮食营养合理运动睡眠规律预防疾病早期发现科学治疗保持心理平衡注意身体变化及时就医检查专家建议日常保健方法
市民健康生活提示饮食营养合理运动睡眠规律预防疾病早期发现科学治疗保持心理平衡注意身体变化及时就医检查专家建议日常保健方法
市民健康生活提示饮食营养合理运动睡眠规律预防疾病早期发现科学治疗保持心理平衡注意身体变化及时就医检查专家建议日常保健方法
市民健康生活提示饮食营养合理运动睡眠规律预防疾病早期发现科学治疗保持心理平衡注意身体变化及时就医检查专家建议日常保健方法
市民健康生活提示饮食营养合理运动睡眠规律预防疾病早期发现科学治疗保持心理平衡注意身体变化及时就医检查专家建议日常保健方法
市民健康生活提示饮食营养合理运动睡眠规律预防疾病早期发现科学治疗保持心理平衡注意身体变化及时就医检查专家建议日常保健方法
市民健康生活提示饮食营养合理运动睡眠规律预防疾病早期发现科学治疗保持心理平衡注意身体变化及时就医检查专家建议日常保健方法
市民健康生活提示饮食营养合理运动睡眠规律预防疾病早期发现科学治疗保持心理平衡注意身体变化及时就医检查专家建议日常保健方法
市民健康生活提示饮食营养合理运动睡眠规律预防疾病早期发现科学治疗保持心理平衡注意身体变化及时就医检查专家建议日常保健方法
市民健康生活提示饮食营养合理运动睡眠规律预防疾病早期发现科学治疗保持心理平衡注意身体变化及时就医检查专家建议日常保健方法
市民健康生活提示饮食营养合理运动睡眠规律预防疾病早期发现科学治疗保持心理平衡注意身体变化及时就医检查专家建议日常保健方法
（作者单位：成都市第五人民医院麻醉科）
